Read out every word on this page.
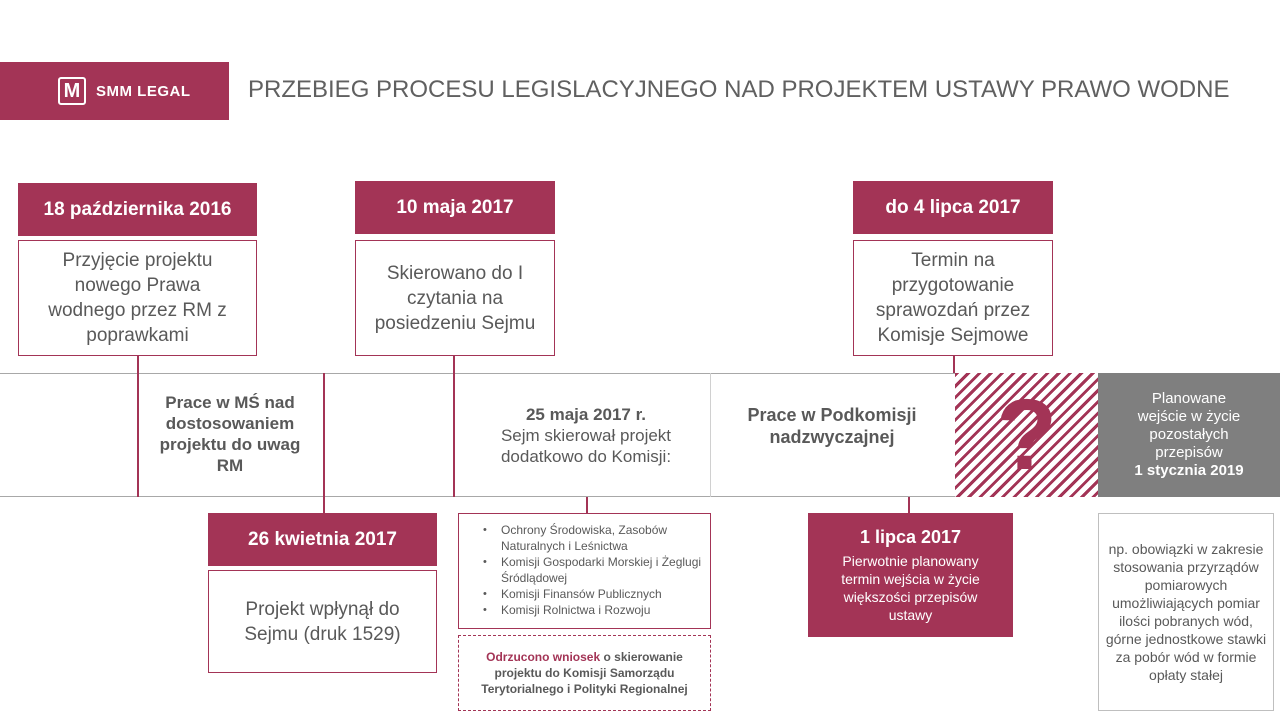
M	SMM LEGAL PRZEBIEG PROCESU LEGISLACYJNEGO NAD PROJEKTEM USTAWY PRAWO WODNE
18 października 2016
Przyjęcie projektu nowego Prawa wodnego przez RM z poprawkami
10 maja 2017
Skierowano do I czytania na posiedzeniu Sejmu
do 4 lipca 2017
Termin na przygotowanie sprawozdań przez Komisje Sejmowe
Prace w MŚ nad dostosowaniem projektu do uwag RM
25 maja 2017 r.
Sejm skierował projekt dodatkowo do Komisji:
Prace w Podkomisji nadzwyczajnej	?	Planowane wejście w życie pozostałych przepisów
1 stycznia 2019
26 kwietnia 2017
Projekt wpłynął do Sejmu (druk 1529)
• Ochrony Środowiska, Zasobów Naturalnych i Leśnictwa
• Komisji Gospodarki Morskiej i Żeglugi Śródlądowej
• Komisji Finansów Publicznych
• Komisji Rolnictwa i Rozwoju
Odrzucono wniosek o skierowanie projektu do Komisji Samorządu Terytorialnego i Polityki Regionalnej
1 lipca 2017
Pierwotnie planowany termin wejścia w życie większości przepisów ustawy
np. obowiązki w zakresie stosowania przyrządów pomiarowych umożliwiających pomiar ilości pobranych wód, górne jednostkowe stawki za pobór wód w formie opłaty stałej
